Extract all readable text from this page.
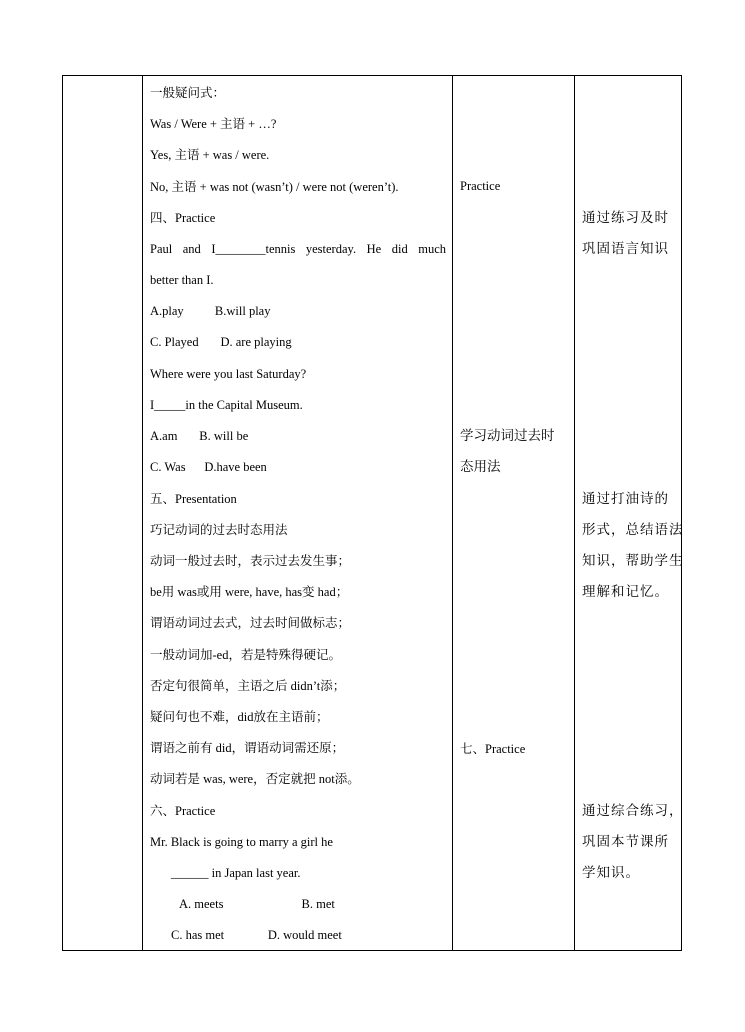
一般疑问式：
Was / Were + 主语 + …?
Yes, 主语 + was / were.
No, 主语 + was not (wasn’t) / were not (weren’t).
四、Practice
Paul and I________tennis yesterday. He did much
better than I.
A.play          B.will play
C. Played       D. are playing
Where were you last Saturday?
I_____in the Capital Museum.
A.am       B. will be
C. Was      D.have been
五、Presentation
巧记动词的过去时态用法
动词一般过去时，表示过去发生事；
be用 was或用 were, have, has变 had；
谓语动词过去式，过去时间做标志；
一般动词加-ed，若是特殊得硬记。
否定句很简单，主语之后 didn’t添；
疑问句也不难，did放在主语前；
谓语之前有 did，谓语动词需还原；
动词若是 was, were，否定就把 not添。
六、Practice
Mr. Black is going to marry a girl he
______ in Japan last year.
A. meets                         B. met
C. has met              D. would meet
Practice
学习动词过去时
态用法
七、Practice
通过练习及时
巩固语言知识
通过打油诗的
形式，总结语法
知识，帮助学生
理解和记忆。
通过综合练习，
巩固本节课所
学知识。
